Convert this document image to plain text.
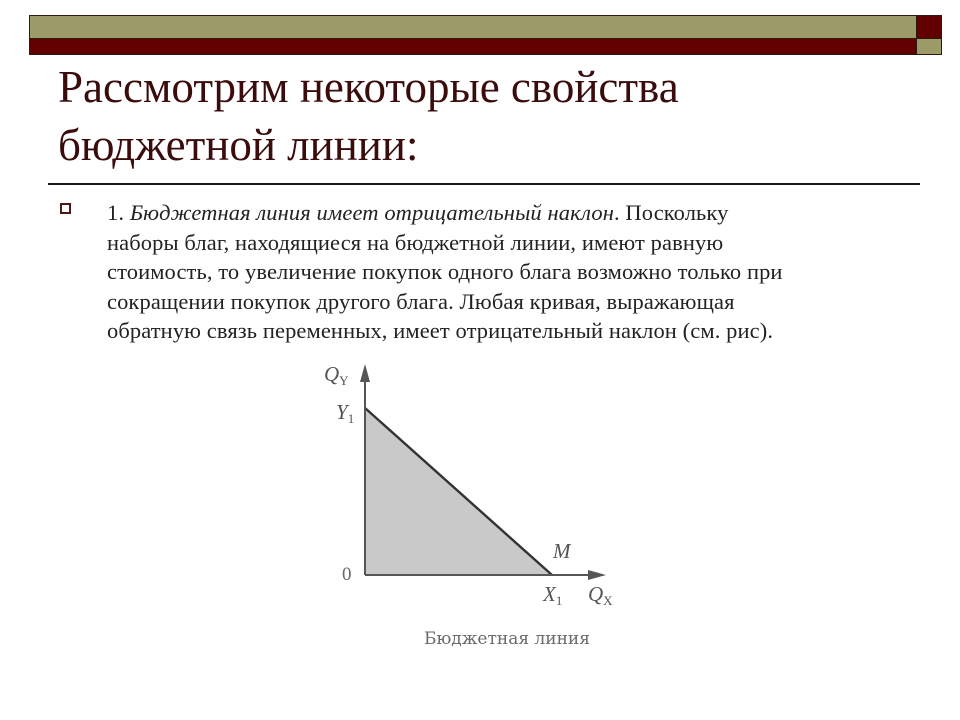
Рассмотрим некоторые свойства
бюджетной линии:

1. Бюджетная линия имеет отрицательный наклон. Поскольку
наборы благ, находящиеся на бюджетной линии, имеют равную
стоимость, то увеличение покупок одного блага возможно только при
сокращении покупок другого блага. Любая кривая, выражающая
обратную связь переменных, имеет отрицательный наклон (см. рис).

$Q_Y$
$Y_1$
M
0
$X_1$ $Q_X$
Бюджетная линия
